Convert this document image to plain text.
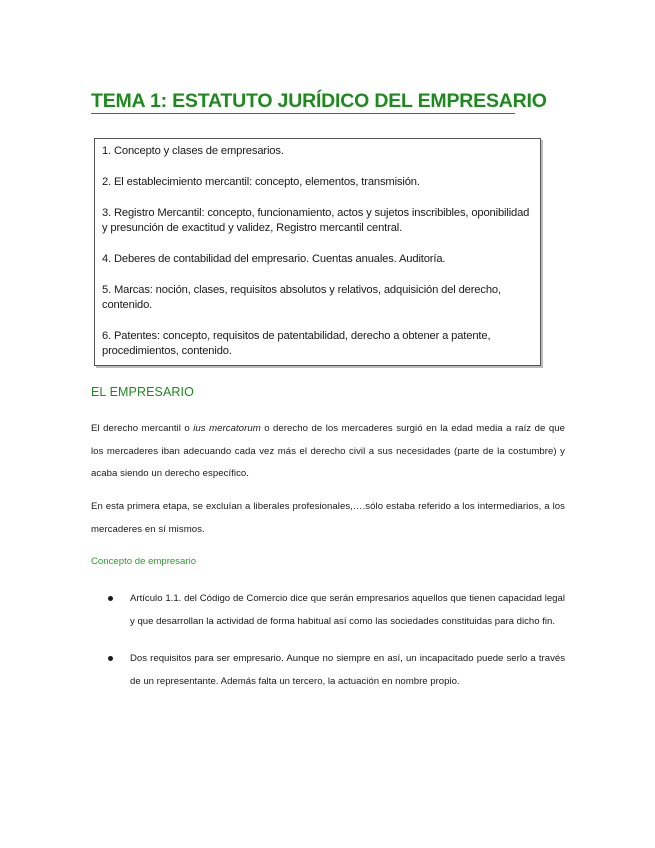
TEMA 1: ESTATUTO JURÍDICO DEL EMPRESARIO
1. Concepto y clases de empresarios.
2. El establecimiento mercantil: concepto, elementos, transmisión.
3. Registro Mercantil: concepto, funcionamiento, actos y sujetos inscribibles, oponibilidad y presunción de exactitud y validez, Registro mercantil central.
4. Deberes de contabilidad del empresario. Cuentas anuales. Auditoría.
5. Marcas: noción, clases, requisitos absolutos y relativos, adquisición del derecho, contenido.
6. Patentes: concepto, requisitos de patentabilidad, derecho a obtener a patente, procedimientos, contenido.
EL EMPRESARIO

El derecho mercantil o ius mercatorum o derecho de los mercaderes surgió en la edad media a raíz de que los mercaderes iban adecuando cada vez más el derecho civil a sus necesidades (parte de la costumbre) y acaba siendo un derecho específico.

En esta primera etapa, se excluían a liberales profesionales,….sólo estaba referido a los intermediarios, a los mercaderes en sí mismos.

Concepto de empresario
Artículo 1.1. del Código de Comercio dice que serán empresarios aquellos que tienen capacidad legal y que desarrollan la actividad de forma habitual así como las sociedades constituidas para dicho fin.
Dos requisitos para ser empresario. Aunque no siempre en así, un incapacitado puede serlo a través de un representante. Además falta un tercero, la actuación en nombre propio.
